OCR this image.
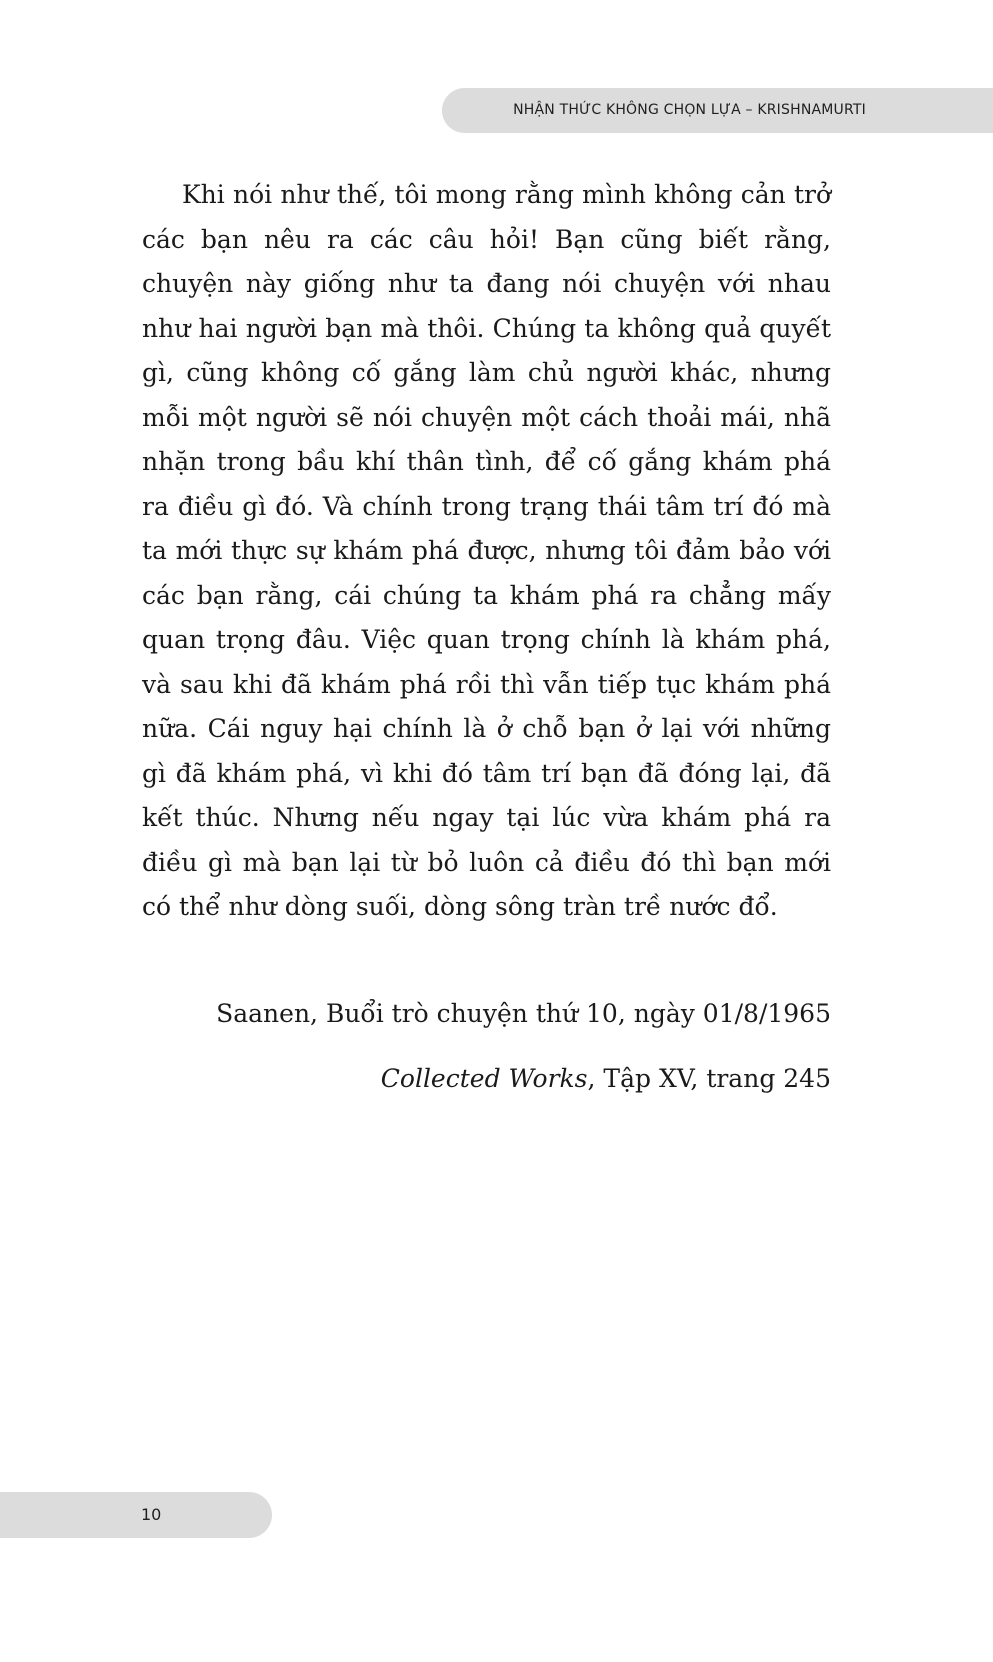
NHẬN THỨC KHÔNG CHỌN LỰA – KRISHNAMURTI

Khi nói như thế, tôi mong rằng mình không cản trở các bạn nêu ra các câu hỏi! Bạn cũng biết rằng, chuyện này giống như ta đang nói chuyện với nhau như hai người bạn mà thôi. Chúng ta không quả quyết gì, cũng không cố gắng làm chủ người khác, nhưng mỗi một người sẽ nói chuyện một cách thoải mái, nhã nhặn trong bầu khí thân tình, để cố gắng khám phá ra điều gì đó. Và chính trong trạng thái tâm trí đó mà ta mới thực sự khám phá được, nhưng tôi đảm bảo với các bạn rằng, cái chúng ta khám phá ra chẳng mấy quan trọng đâu. Việc quan trọng chính là khám phá, và sau khi đã khám phá rồi thì vẫn tiếp tục khám phá nữa. Cái nguy hại chính là ở chỗ bạn ở lại với những gì đã khám phá, vì khi đó tâm trí bạn đã đóng lại, đã kết thúc. Nhưng nếu ngay tại lúc vừa khám phá ra điều gì mà bạn lại từ bỏ luôn cả điều đó thì bạn mới có thể như dòng suối, dòng sông tràn trề nước đổ.

Saanen, Buổi trò chuyện thứ 10, ngày 01/8/1965

Collected Works, Tập XV, trang 245

10
